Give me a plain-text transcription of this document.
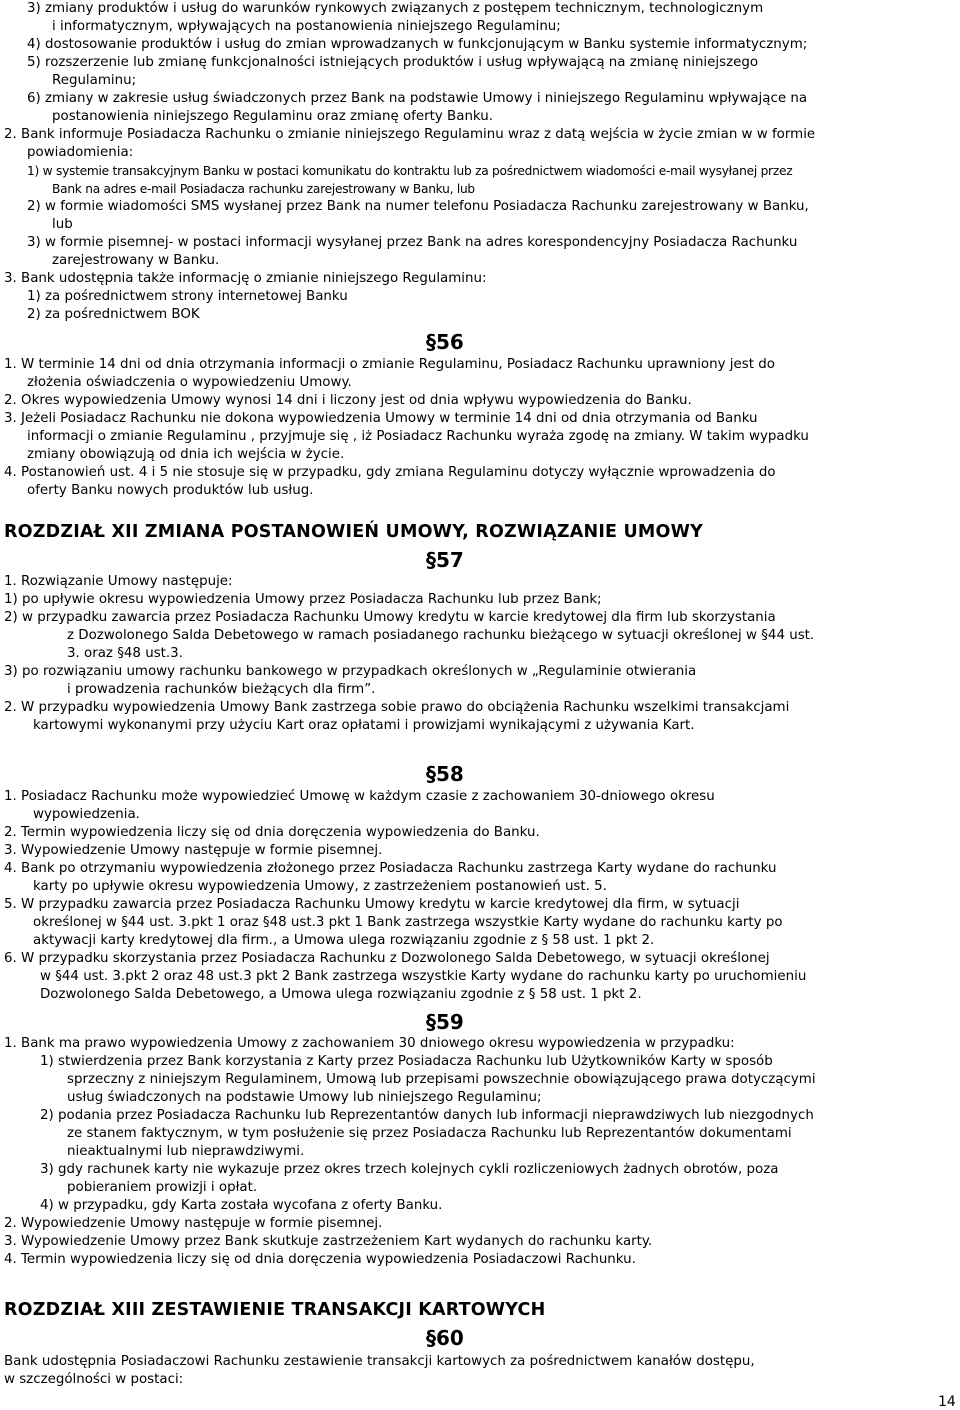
3) zmiany produktów i usług do warunków rynkowych związanych z postępem technicznym, technologicznym
i informatycznym, wpływających na postanowienia niniejszego Regulaminu;
4) dostosowanie produktów i usług do zmian wprowadzanych w funkcjonującym w Banku systemie informatycznym;
5) rozszerzenie lub zmianę funkcjonalności istniejących produktów i usług wpływającą na zmianę niniejszego
Regulaminu;
6) zmiany w zakresie usług świadczonych przez Bank na podstawie Umowy i niniejszego Regulaminu wpływające na
postanowienia niniejszego Regulaminu oraz zmianę oferty Banku.
2. Bank informuje Posiadacza Rachunku o zmianie niniejszego Regulaminu wraz z datą wejścia w życie zmian w w formie
powiadomienia:
1) w systemie transakcyjnym Banku w postaci komunikatu do kontraktu lub za pośrednictwem wiadomości e-mail wysyłanej przez
Bank na adres e-mail Posiadacza rachunku zarejestrowany w Banku, lub
2) w formie wiadomości SMS wysłanej przez Bank na numer telefonu Posiadacza Rachunku zarejestrowany w Banku,
lub
3) w formie pisemnej- w postaci informacji wysyłanej przez Bank na adres korespondencyjny Posiadacza Rachunku
zarejestrowany w Banku.
3. Bank udostępnia także informację o zmianie niniejszego Regulaminu:
1) za pośrednictwem strony internetowej Banku
2) za pośrednictwem BOK
§56
1. W terminie 14 dni od dnia otrzymania informacji o zmianie Regulaminu, Posiadacz Rachunku uprawniony jest do
złożenia oświadczenia o wypowiedzeniu Umowy.
2. Okres wypowiedzenia Umowy wynosi 14 dni i liczony jest od dnia wpływu wypowiedzenia do Banku.
3. Jeżeli Posiadacz Rachunku nie dokona wypowiedzenia Umowy w terminie 14 dni od dnia otrzymania od Banku
informacji o zmianie Regulaminu , przyjmuje się , iż Posiadacz Rachunku wyraża zgodę na zmiany. W takim wypadku
zmiany obowiązują od dnia ich wejścia w życie.
4. Postanowień ust. 4 i 5 nie stosuje się w przypadku, gdy zmiana Regulaminu dotyczy wyłącznie wprowadzenia do
oferty Banku nowych produktów lub usług.
ROZDZIAŁ XII ZMIANA POSTANOWIEŃ UMOWY, ROZWIĄZANIE UMOWY
§57
1. Rozwiązanie Umowy następuje:
1) po upływie okresu wypowiedzenia Umowy przez Posiadacza Rachunku lub przez Bank;
2) w przypadku zawarcia przez Posiadacza Rachunku Umowy kredytu w karcie kredytowej dla firm lub skorzystania
z Dozwolonego Salda Debetowego w ramach posiadanego rachunku bieżącego w sytuacji określonej w §44 ust.
3. oraz §48 ust.3.
3) po rozwiązaniu umowy rachunku bankowego w przypadkach określonych w „Regulaminie otwierania
i prowadzenia rachunków bieżących dla firm”.
2. W przypadku wypowiedzenia Umowy Bank zastrzega sobie prawo do obciążenia Rachunku wszelkimi transakcjami
kartowymi wykonanymi przy użyciu Kart oraz opłatami i prowizjami wynikającymi z używania Kart.
§58
1. Posiadacz Rachunku może wypowiedzieć Umowę w każdym czasie z zachowaniem 30-dniowego okresu
wypowiedzenia.
2. Termin wypowiedzenia liczy się od dnia doręczenia wypowiedzenia do Banku.
3. Wypowiedzenie Umowy następuje w formie pisemnej.
4. Bank po otrzymaniu wypowiedzenia złożonego przez Posiadacza Rachunku zastrzega Karty wydane do rachunku
karty po upływie okresu wypowiedzenia Umowy, z zastrzeżeniem postanowień ust. 5.
5. W przypadku zawarcia przez Posiadacza Rachunku Umowy kredytu w karcie kredytowej dla firm, w sytuacji
określonej w §44 ust. 3.pkt 1 oraz §48 ust.3 pkt 1 Bank zastrzega wszystkie Karty wydane do rachunku karty po
aktywacji karty kredytowej dla firm., a Umowa ulega rozwiązaniu zgodnie z § 58 ust. 1 pkt 2.
6. W przypadku skorzystania przez Posiadacza Rachunku z Dozwolonego Salda Debetowego, w sytuacji określonej
w §44 ust. 3.pkt 2 oraz 48 ust.3 pkt 2 Bank zastrzega wszystkie Karty wydane do rachunku karty po uruchomieniu
Dozwolonego Salda Debetowego, a Umowa ulega rozwiązaniu zgodnie z § 58 ust. 1 pkt 2.
§59
1. Bank ma prawo wypowiedzenia Umowy z zachowaniem 30 dniowego okresu wypowiedzenia w przypadku:
1) stwierdzenia przez Bank korzystania z Karty przez Posiadacza Rachunku lub Użytkowników Karty w sposób
sprzeczny z niniejszym Regulaminem, Umową lub przepisami powszechnie obowiązującego prawa dotyczącymi
usług świadczonych na podstawie Umowy lub niniejszego Regulaminu;
2) podania przez Posiadacza Rachunku lub Reprezentantów danych lub informacji nieprawdziwych lub niezgodnych
ze stanem faktycznym, w tym posłużenie się przez Posiadacza Rachunku lub Reprezentantów dokumentami
nieaktualnymi lub nieprawdziwymi.
3) gdy rachunek karty nie wykazuje przez okres trzech kolejnych cykli rozliczeniowych żadnych obrotów, poza
pobieraniem prowizji i opłat.
4) w przypadku, gdy Karta została wycofana z oferty Banku.
2. Wypowiedzenie Umowy następuje w formie pisemnej.
3. Wypowiedzenie Umowy przez Bank skutkuje zastrzeżeniem Kart wydanych do rachunku karty.
4. Termin wypowiedzenia liczy się od dnia doręczenia wypowiedzenia Posiadaczowi Rachunku.
ROZDZIAŁ XIII ZESTAWIENIE TRANSAKCJI KARTOWYCH
§60
Bank udostępnia Posiadaczowi Rachunku zestawienie transakcji kartowych za pośrednictwem kanałów dostępu,
w szczególności w postaci:
14
